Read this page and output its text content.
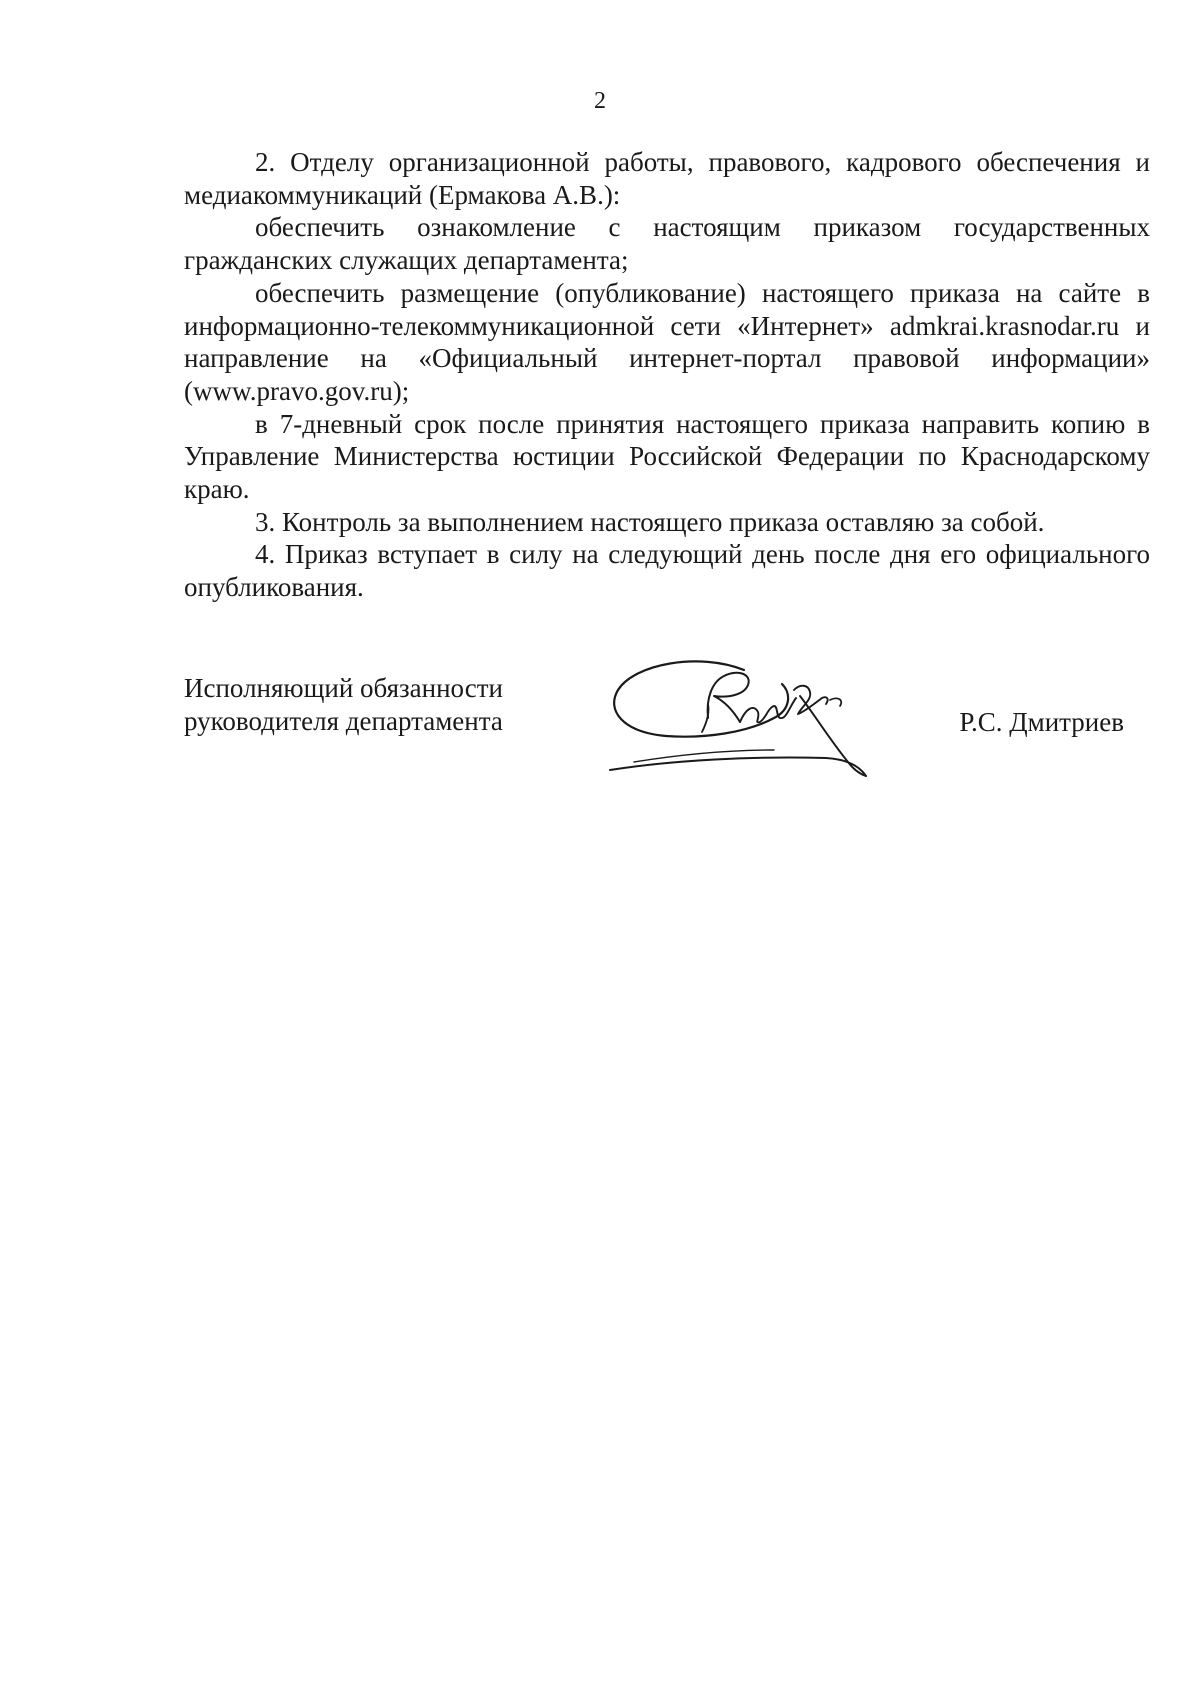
2

2. Отделу организационной работы, правового, кадрового обеспечения и медиакоммуникаций (Ермакова А.В.):

обеспечить ознакомление с настоящим приказом государственных гражданских служащих департамента;

обеспечить размещение (опубликование) настоящего приказа на сайте в информационно-телекоммуникационной сети «Интернет» admkrai.krasnodar.ru и направление на «Официальный интернет-портал правовой информации» (www.pravo.gov.ru);

в 7-дневный срок после принятия настоящего приказа направить копию в Управление Министерства юстиции Российской Федерации по Краснодарскому краю.

3. Контроль за выполнением настоящего приказа оставляю за собой.

4. Приказ вступает в силу на следующий день после дня его официального опубликования.

Исполняющий обязанности
руководителя департамента	Р.С. Дмитриев
